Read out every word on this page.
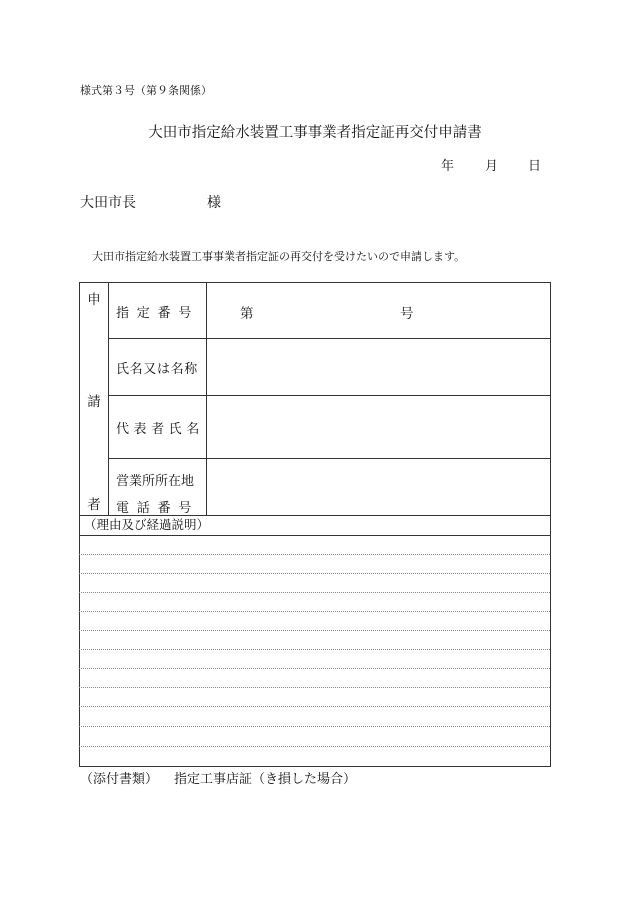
様式第３号（第９条関係）
大田市指定給水装置工事事業者指定証再交付申請書
年 月 日
大田市長	様
大田市指定給水装置工事事業者指定証の再交付を受けたいので申請します。
申
請
者
指定番号
氏名又は名称
代表者氏名
営業所所在地
電話番号
第	号
（理由及び経過説明）
（添付書類） 指定工事店証（き損した場合）
